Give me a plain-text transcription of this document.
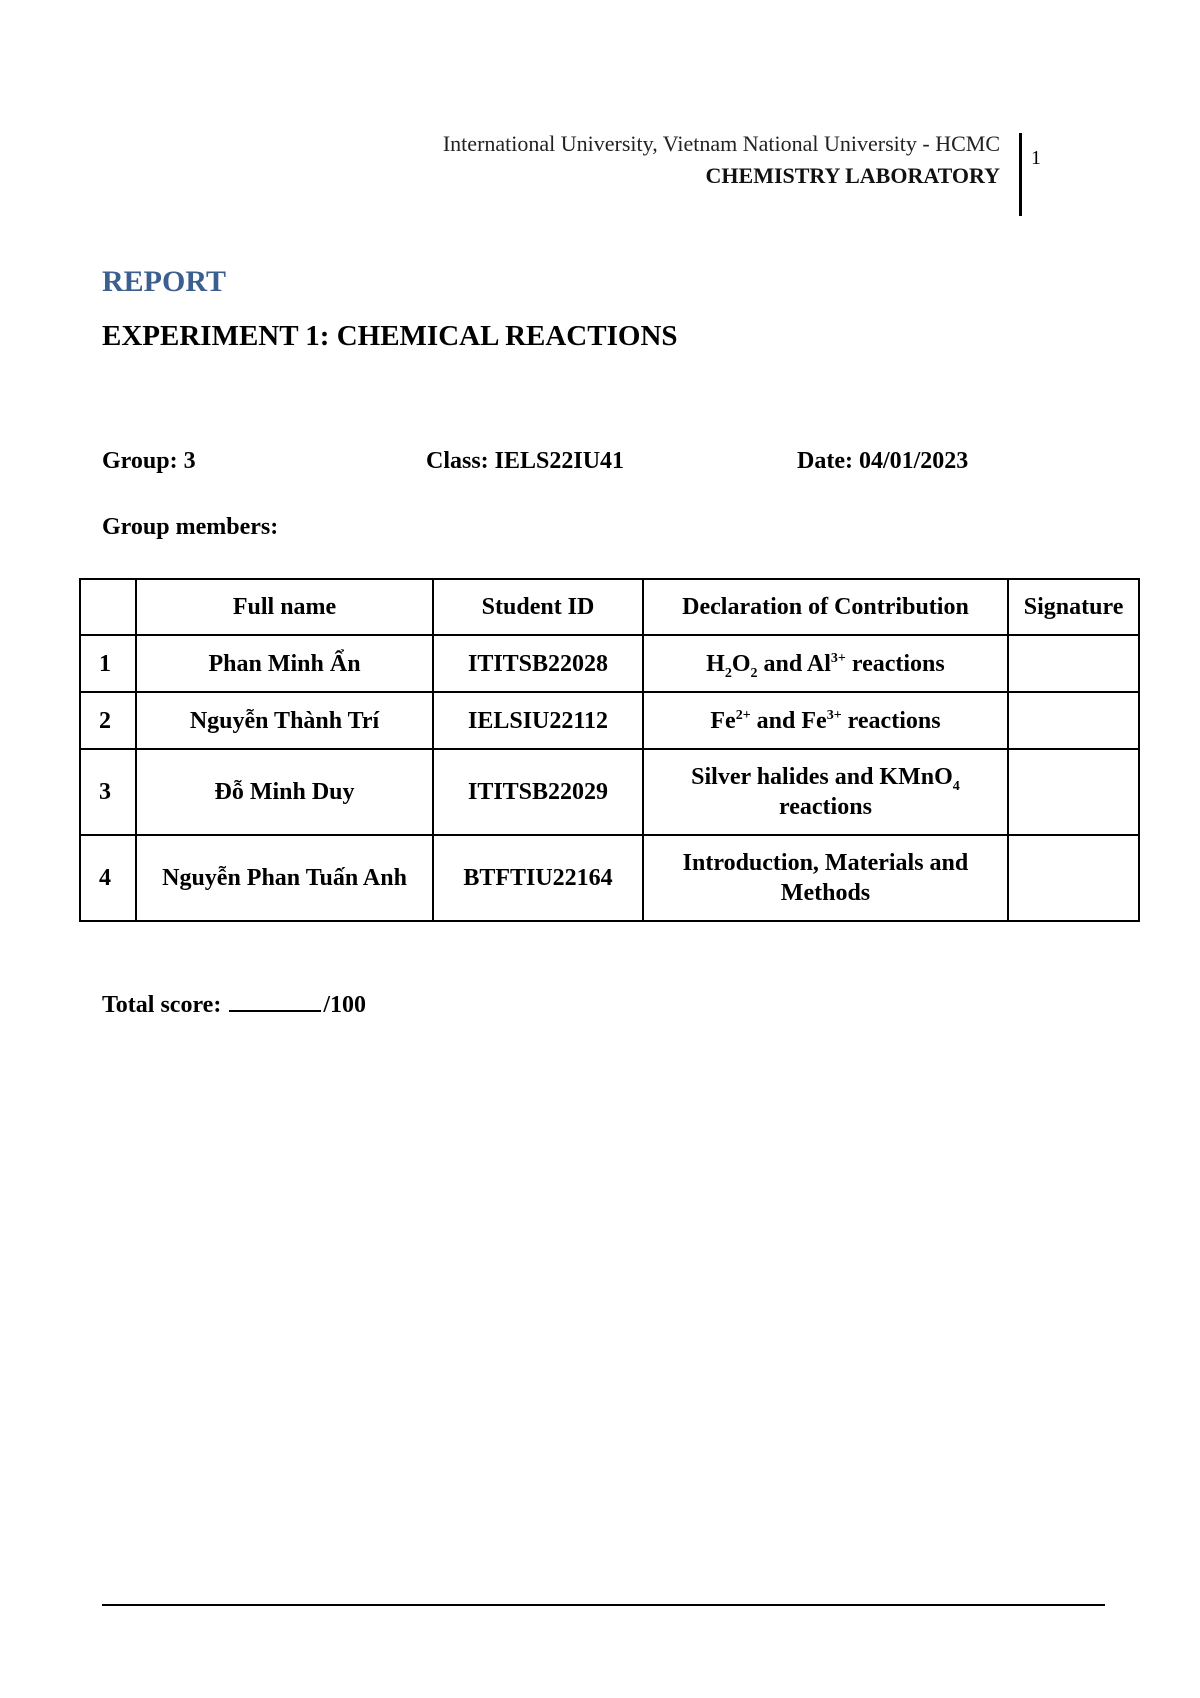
International University, Vietnam National University - HCMC
CHEMISTRY LABORATORY
1
REPORT
EXPERIMENT 1: CHEMICAL REACTIONS
Group: 3	Class: IELS22IU41	Date: 04/01/2023
Group members:
	Full name	Student ID	Declaration of Contribution	Signature
1	Phan Minh Ẩn	ITITSB22028	$H_2O_2$ and $Al^{3+}$ reactions	
2	Nguyễn Thành Trí	IELSIU22112	$Fe^{2+}$ and $Fe^{3+}$ reactions	
3	Đỗ Minh Duy	ITITSB22029	Silver halides and KMnO$_4$ reactions	
4	Nguyễn Phan Tuấn Anh	BTFTIU22164	Introduction, Materials and Methods	
Total score:	/100
